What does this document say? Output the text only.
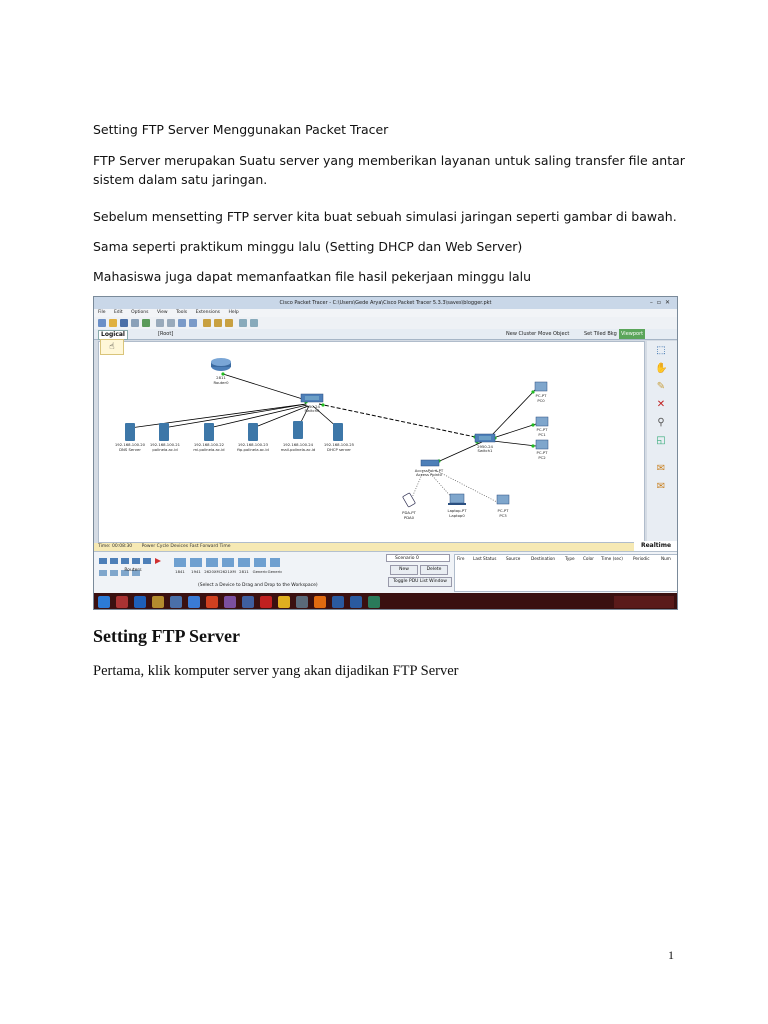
Setting FTP Server Menggunakan Packet Tracer

FTP Server merupakan Suatu server yang memberikan layanan untuk saling transfer file antar sistem dalam satu jaringan.

Sebelum mensetting FTP server kita buat sebuah simulasi jaringan seperti gambar di bawah.

Sama seperti praktikum minggu lalu (Setting DHCP dan Web Server)

Mahasiswa juga dapat memanfaatkan file hasil pekerjaan minggu lalu

Cisco Packet Tracer - C:\Users\Gede Arya\Cisco Packet Tracer 5.3.3\saves\blogger.pkt	–▫✕
File Edit Options View Tools Extensions Help
[Root]	New Cluster Move Object	Set Tiled Bkg Viewport
Logical
2811
Router0
2950-24
Switch0
192.168.100.20
DNS Server
192.168.100.21
polinela.ac.id
192.168.100.22
mi.polinela.ac.id
192.168.100.23
ftp.polinela.ac.id
192.168.100.24
mail.polinela.ac.id
192.168.100.25
DHCP server
2950-24
Switch1
PC-PT
PC0
PC-PT
PC1
PC-PT
PC2
AccessPoint-PT
Access Point0
PDA-PT
PDA0
Laptop-PT
Laptop0
PC-PT
PC3
☝	⬚
✋
✎
✕
⚲
◱
✉
✉
Time: 00:08:30 Power Cycle Devices Fast Forward Time	Realtime
Routers	1841 1941 2620XM 2621XM 2811 Generic Generic
(Select a Device to Drag and Drop to the Workspace)
Scenario 0
New	Delete
Toggle PDU List Window
Fire Last Status Source	Destination Type Color Time (sec) Periodic	Num
Setting FTP Server

Pertama, klik komputer server yang akan dijadikan FTP Server

1
